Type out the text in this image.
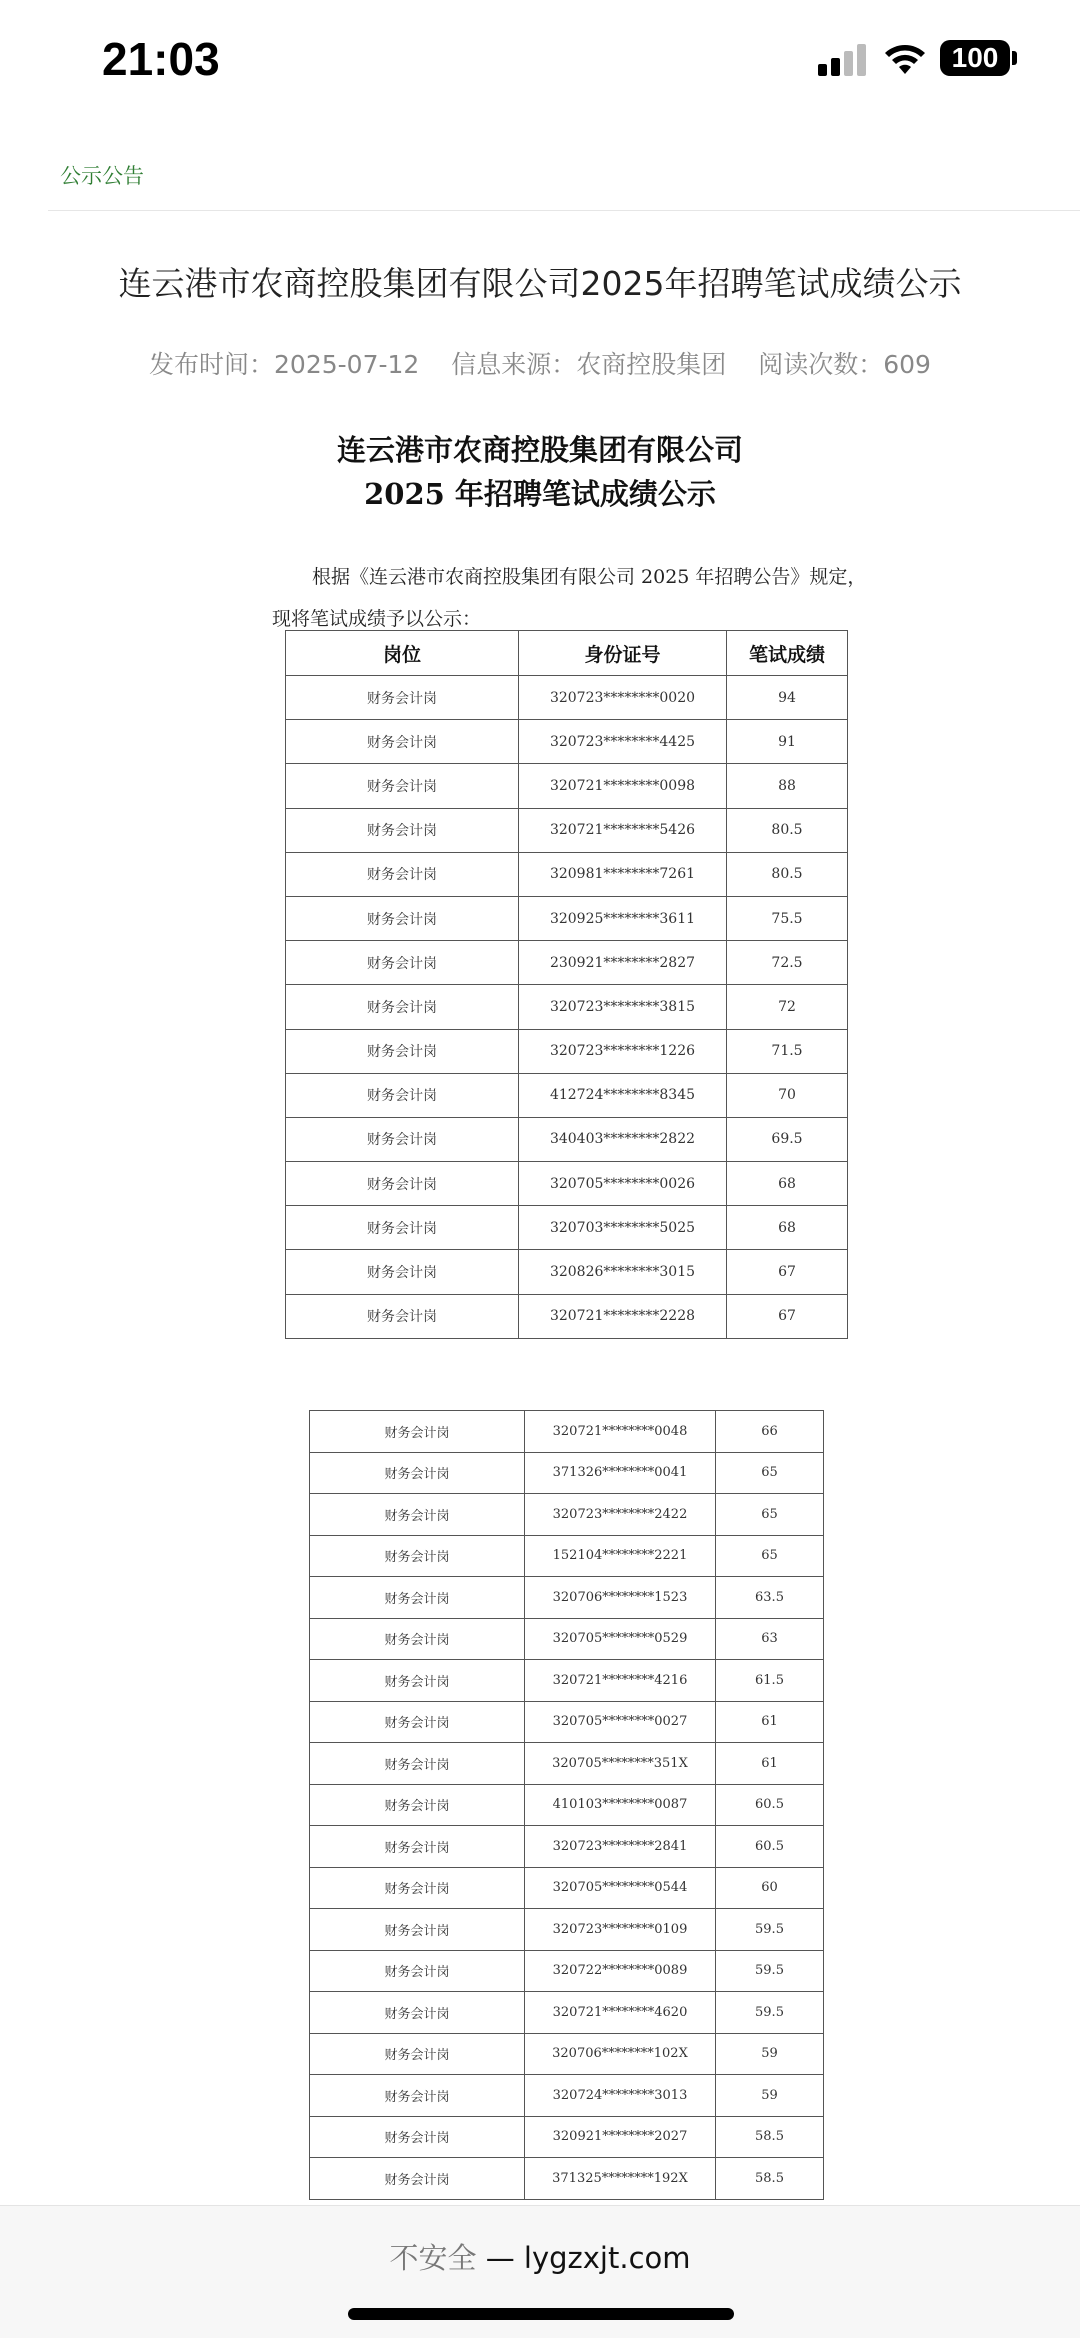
21:03	100
公示公告
连云港市农商控股集团有限公司2025年招聘笔试成绩公示
发布时间：2025-07-12 信息来源：农商控股集团 阅读次数：609
连云港市农商控股集团有限公司
2025 年招聘笔试成绩公示
根据《连云港市农商控股集团有限公司 2025 年招聘公告》规定，现将笔试成绩予以公示：
岗位	身份证号	笔试成绩
财务会计岗	320723********0020	94
财务会计岗	320723********4425	91
财务会计岗	320721********0098	88
财务会计岗	320721********5426	80.5
财务会计岗	320981********7261	80.5
财务会计岗	320925********3611	75.5
财务会计岗	230921********2827	72.5
财务会计岗	320723********3815	72
财务会计岗	320723********1226	71.5
财务会计岗	412724********8345	70
财务会计岗	340403********2822	69.5
财务会计岗	320705********0026	68
财务会计岗	320703********5025	68
财务会计岗	320826********3015	67
财务会计岗	320721********2228	67
财务会计岗	320721********0048	66
财务会计岗	371326********0041	65
财务会计岗	320723********2422	65
财务会计岗	152104********2221	65
财务会计岗	320706********1523	63.5
财务会计岗	320705********0529	63
财务会计岗	320721********4216	61.5
财务会计岗	320705********0027	61
财务会计岗	320705********351X	61
财务会计岗	410103********0087	60.5
财务会计岗	320723********2841	60.5
财务会计岗	320705********0544	60
财务会计岗	320723********0109	59.5
财务会计岗	320722********0089	59.5
财务会计岗	320721********4620	59.5
财务会计岗	320706********102X	59
财务会计岗	320724********3013	59
财务会计岗	320921********2027	58.5
财务会计岗	371325********192X	58.5
不安全 — lygzxjt.com
